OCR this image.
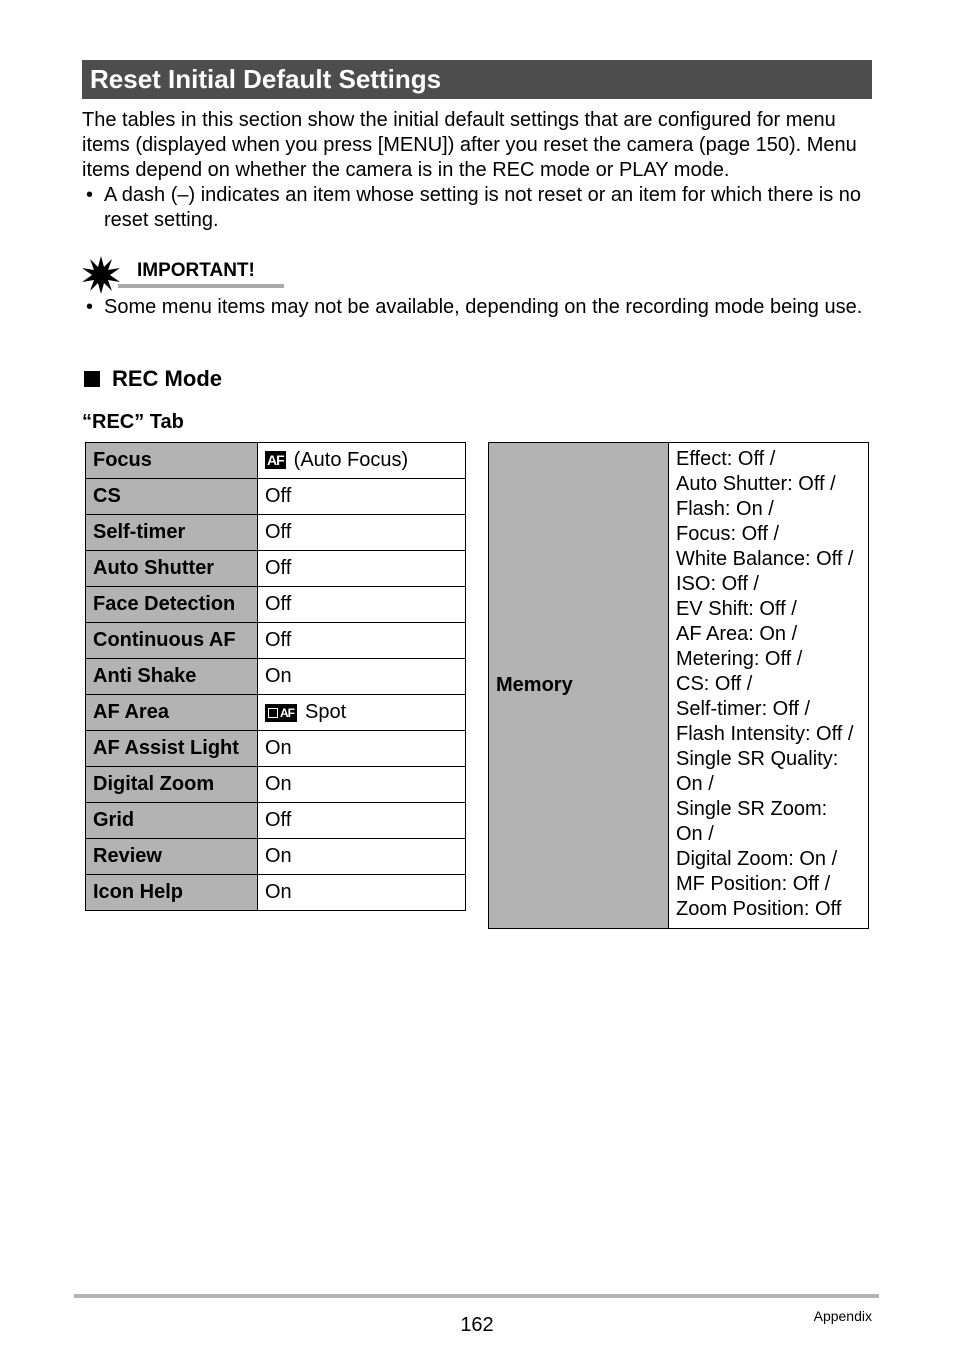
Reset Initial Default Settings

The tables in this section show the initial default settings that are configured for menu items (displayed when you press [MENU]) after you reset the camera (page 150). Menu items depend on whether the camera is in the REC mode or PLAY mode.

• A dash (–) indicates an item whose setting is not reset or an item for which there is no reset setting.
IMPORTANT!
• Some menu items may not be available, depending on the recording mode being use.
REC Mode
“REC” Tab
Focus	AF (Auto Focus)
CS	Off
Self-timer	Off
Auto Shutter	Off
Face Detection	Off
Continuous AF	Off
Anti Shake	On
AF Area	AF Spot
AF Assist Light	On
Digital Zoom	On
Grid	Off
Review	On
Icon Help	On
Memory	
Effect: Off /
Auto Shutter: Off /
Flash: On /
Focus: Off /
White Balance: Off /
ISO: Off /
EV Shift: Off /
AF Area: On /
Metering: Off /
CS: Off /
Self-timer: Off /
Flash Intensity: Off /
Single SR Quality:
On /
Single SR Zoom:
On /
Digital Zoom: On /
MF Position: Off /
Zoom Position: Off
162	Appendix
